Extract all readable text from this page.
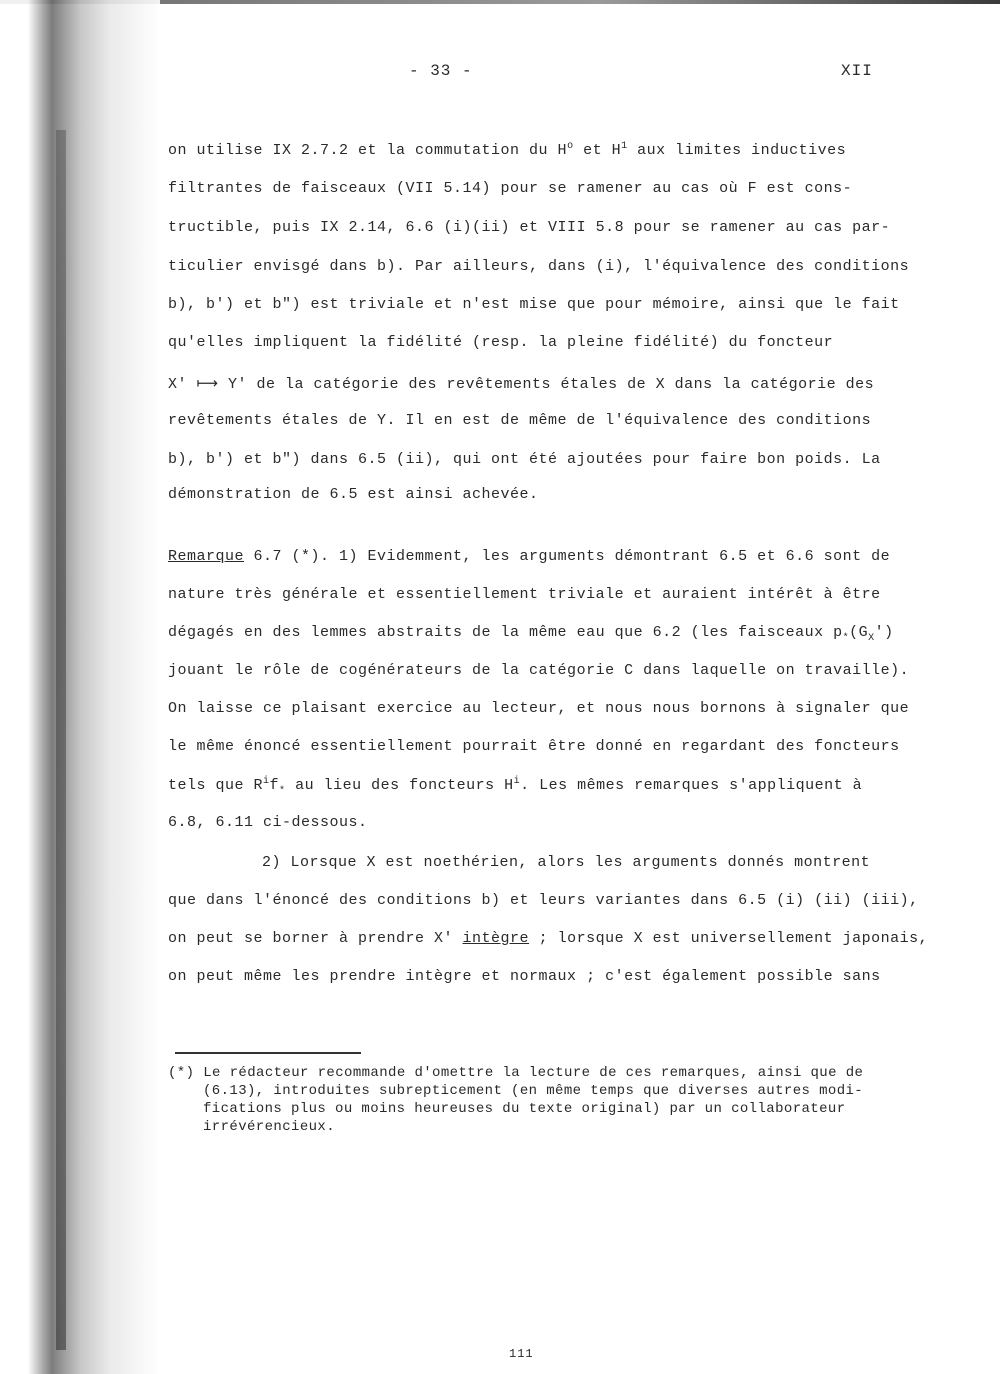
- 33 -	XII
on utilise IX 2.7.2 et la commutation du $H^o$ et $H^1$ aux limites inductives
filtrantes de faisceaux (VII 5.14) pour se ramener au cas où F est cons-
tructible, puis IX 2.14, 6.6 (i)(ii) et VIII 5.8 pour se ramener au cas par-
ticulier envisgé dans b). Par ailleurs, dans (i), l'équivalence des conditions
b), b') et b") est triviale et n'est mise que pour mémoire, ainsi que le fait
qu'elles impliquent la fidélité (resp. la pleine fidélité) du foncteur
X' ⟼ Y' de la catégorie des revêtements étales de X dans la catégorie des
revêtements étales de Y. Il en est de même de l'équivalence des conditions
b), b') et b") dans 6.5 (ii), qui ont été ajoutées pour faire bon poids. La
démonstration de 6.5 est ainsi achevée.
Remarque 6.7 (*). 1) Evidemment, les arguments démontrant 6.5 et 6.6 sont de
nature très générale et essentiellement triviale et auraient intérêt à être
dégagés en des lemmes abstraits de la même eau que 6.2 (les faisceaux $p_*(G_X')$
jouant le rôle de cogénérateurs de la catégorie C dans laquelle on travaille).
On laisse ce plaisant exercice au lecteur, et nous nous bornons à signaler que
le même énoncé essentiellement pourrait être donné en regardant des foncteurs
tels que $R^if_*$ au lieu des foncteurs $H^i$. Les mêmes remarques s'appliquent à
6.8, 6.11 ci-dessous.
2) Lorsque X est noethérien, alors les arguments donnés montrent
que dans l'énoncé des conditions b) et leurs variantes dans 6.5 (i) (ii) (iii),
on peut se borner à prendre X' intègre ; lorsque X est universellement japonais,
on peut même les prendre intègre et normaux ; c'est également possible sans
(*) Le rédacteur recommande d'omettre la lecture de ces remarques, ainsi que de
(6.13), introduites subrepticement (en même temps que diverses autres modi-
fications plus ou moins heureuses du texte original) par un collaborateur
irrévérencieux.
111
